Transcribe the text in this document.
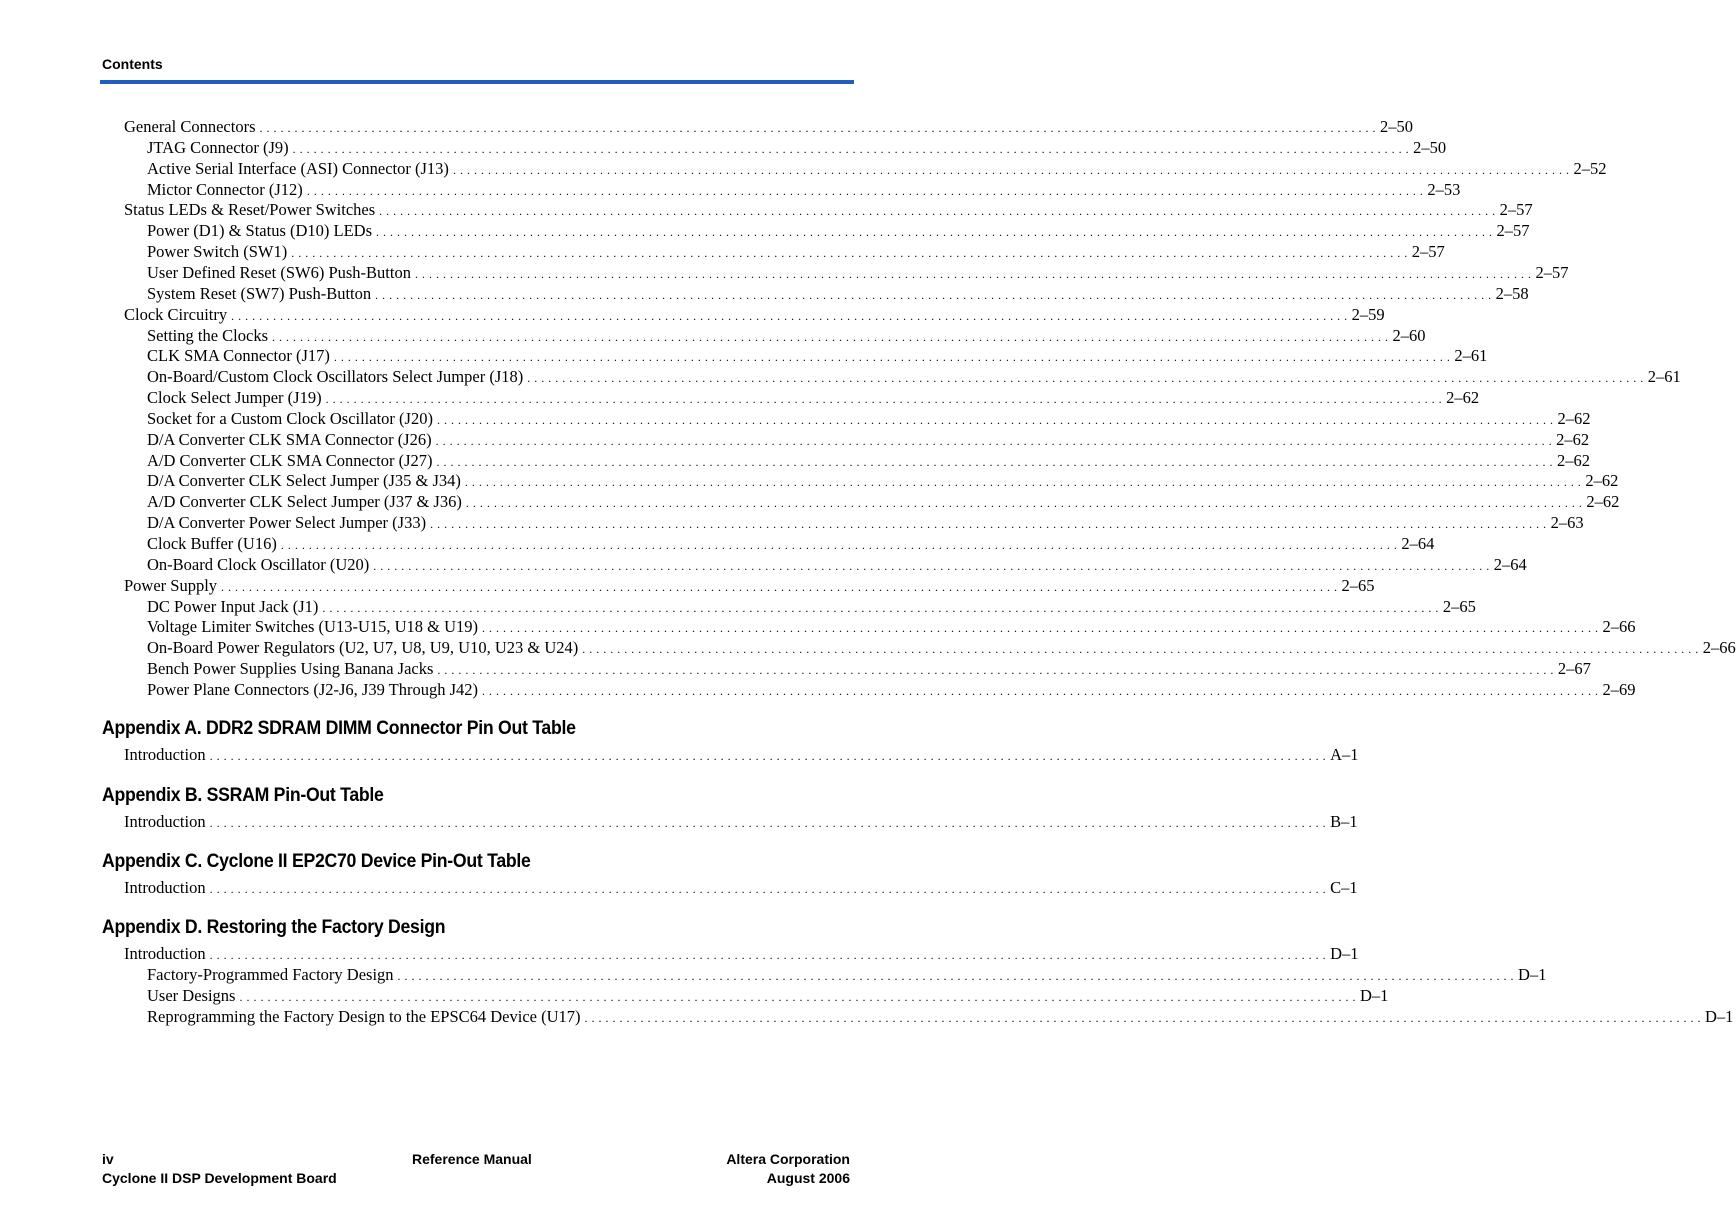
Contents
General Connectors . . . . . . . . . . . . . . . . . . . . . . . . . . . . . . . . . . . . . . . . . . . . . . . . . . . . . . . . . . . . . . . . . . . . . . . . . . . . . . . . . . . . . . . . . . . . . . . . . . . . . . . . . . . . . . . . . . . . . . . . . . . . . . . . . . . . . . . . . . . . . . . . . . . . . . . . . . . . . . . . 2–50
JTAG Connector (J9) . . . . . . . . . . . . . . . . . . . . . . . . . . . . . . . . . . . . . . . . . . . . . . . . . . . . . . . . . . . . . . . . . . . . . . . . . . . . . . . . . . . . . . . . . . . . . . . . . . . . . . . . . . . . . . . . . . . . . . . . . . . . . . . . . . . . . . . . . . . . . . . . . . . . . . . . . . . . . . . . 2–50
Active Serial Interface (ASI) Connector (J13) . . . . . . . . . . . . . . . . . . . . . . . . . . . . . . . . . . . . . . . . . . . . . . . . . . . . . . . . . . . . . . . . . . . . . . . . . . . . . . . . . . . . . . . . . . . . . . . . . . . . . . . . . . . . . . . . . . . . . . . . . . . . . . . . . . . . . . . . . . . . . . . . . . . . . . . . . . . . . . . . 2–52
Mictor Connector (J12) . . . . . . . . . . . . . . . . . . . . . . . . . . . . . . . . . . . . . . . . . . . . . . . . . . . . . . . . . . . . . . . . . . . . . . . . . . . . . . . . . . . . . . . . . . . . . . . . . . . . . . . . . . . . . . . . . . . . . . . . . . . . . . . . . . . . . . . . . . . . . . . . . . . . . . . . . . . . . . . . 2–53
Status LEDs & Reset/Power Switches . . . . . . . . . . . . . . . . . . . . . . . . . . . . . . . . . . . . . . . . . . . . . . . . . . . . . . . . . . . . . . . . . . . . . . . . . . . . . . . . . . . . . . . . . . . . . . . . . . . . . . . . . . . . . . . . . . . . . . . . . . . . . . . . . . . . . . . . . . . . . . . . . . . . . . . . . . . . . . . . 2–57
Power (D1) & Status (D10) LEDs . . . . . . . . . . . . . . . . . . . . . . . . . . . . . . . . . . . . . . . . . . . . . . . . . . . . . . . . . . . . . . . . . . . . . . . . . . . . . . . . . . . . . . . . . . . . . . . . . . . . . . . . . . . . . . . . . . . . . . . . . . . . . . . . . . . . . . . . . . . . . . . . . . . . . . . . . . . . . . . . 2–57
Power Switch (SW1) . . . . . . . . . . . . . . . . . . . . . . . . . . . . . . . . . . . . . . . . . . . . . . . . . . . . . . . . . . . . . . . . . . . . . . . . . . . . . . . . . . . . . . . . . . . . . . . . . . . . . . . . . . . . . . . . . . . . . . . . . . . . . . . . . . . . . . . . . . . . . . . . . . . . . . . . . . . . . . . . 2–57
User Defined Reset (SW6) Push-Button . . . . . . . . . . . . . . . . . . . . . . . . . . . . . . . . . . . . . . . . . . . . . . . . . . . . . . . . . . . . . . . . . . . . . . . . . . . . . . . . . . . . . . . . . . . . . . . . . . . . . . . . . . . . . . . . . . . . . . . . . . . . . . . . . . . . . . . . . . . . . . . . . . . . . . . . . . . . . . . . 2–57
System Reset (SW7) Push-Button . . . . . . . . . . . . . . . . . . . . . . . . . . . . . . . . . . . . . . . . . . . . . . . . . . . . . . . . . . . . . . . . . . . . . . . . . . . . . . . . . . . . . . . . . . . . . . . . . . . . . . . . . . . . . . . . . . . . . . . . . . . . . . . . . . . . . . . . . . . . . . . . . . . . . . . . . . . . . . . . 2–58
Clock Circuitry . . . . . . . . . . . . . . . . . . . . . . . . . . . . . . . . . . . . . . . . . . . . . . . . . . . . . . . . . . . . . . . . . . . . . . . . . . . . . . . . . . . . . . . . . . . . . . . . . . . . . . . . . . . . . . . . . . . . . . . . . . . . . . . . . . . . . . . . . . . . . . . . . . . . . . . . . . . . . . . . 2–59
Setting the Clocks . . . . . . . . . . . . . . . . . . . . . . . . . . . . . . . . . . . . . . . . . . . . . . . . . . . . . . . . . . . . . . . . . . . . . . . . . . . . . . . . . . . . . . . . . . . . . . . . . . . . . . . . . . . . . . . . . . . . . . . . . . . . . . . . . . . . . . . . . . . . . . . . . . . . . . . . . . . . . . . . 2–60
CLK SMA Connector (J17) . . . . . . . . . . . . . . . . . . . . . . . . . . . . . . . . . . . . . . . . . . . . . . . . . . . . . . . . . . . . . . . . . . . . . . . . . . . . . . . . . . . . . . . . . . . . . . . . . . . . . . . . . . . . . . . . . . . . . . . . . . . . . . . . . . . . . . . . . . . . . . . . . . . . . . . . . . . . . . . . 2–61
On-Board/Custom Clock Oscillators Select Jumper (J18) . . . . . . . . . . . . . . . . . . . . . . . . . . . . . . . . . . . . . . . . . . . . . . . . . . . . . . . . . . . . . . . . . . . . . . . . . . . . . . . . . . . . . . . . . . . . . . . . . . . . . . . . . . . . . . . . . . . . . . . . . . . . . . . . . . . . . . . . . . . . . . . . . . . . . . . . . . . . . . . . 2–61
Clock Select Jumper (J19) . . . . . . . . . . . . . . . . . . . . . . . . . . . . . . . . . . . . . . . . . . . . . . . . . . . . . . . . . . . . . . . . . . . . . . . . . . . . . . . . . . . . . . . . . . . . . . . . . . . . . . . . . . . . . . . . . . . . . . . . . . . . . . . . . . . . . . . . . . . . . . . . . . . . . . . . . . . . . . . . 2–62
Socket for a Custom Clock Oscillator (J20) . . . . . . . . . . . . . . . . . . . . . . . . . . . . . . . . . . . . . . . . . . . . . . . . . . . . . . . . . . . . . . . . . . . . . . . . . . . . . . . . . . . . . . . . . . . . . . . . . . . . . . . . . . . . . . . . . . . . . . . . . . . . . . . . . . . . . . . . . . . . . . . . . . . . . . . . . . . . . . . . 2–62
D/A Converter CLK SMA Connector (J26) . . . . . . . . . . . . . . . . . . . . . . . . . . . . . . . . . . . . . . . . . . . . . . . . . . . . . . . . . . . . . . . . . . . . . . . . . . . . . . . . . . . . . . . . . . . . . . . . . . . . . . . . . . . . . . . . . . . . . . . . . . . . . . . . . . . . . . . . . . . . . . . . . . . . . . . . . . . . . . . . 2–62
A/D Converter CLK SMA Connector (J27) . . . . . . . . . . . . . . . . . . . . . . . . . . . . . . . . . . . . . . . . . . . . . . . . . . . . . . . . . . . . . . . . . . . . . . . . . . . . . . . . . . . . . . . . . . . . . . . . . . . . . . . . . . . . . . . . . . . . . . . . . . . . . . . . . . . . . . . . . . . . . . . . . . . . . . . . . . . . . . . . 2–62
D/A Converter CLK Select Jumper (J35 & J34) . . . . . . . . . . . . . . . . . . . . . . . . . . . . . . . . . . . . . . . . . . . . . . . . . . . . . . . . . . . . . . . . . . . . . . . . . . . . . . . . . . . . . . . . . . . . . . . . . . . . . . . . . . . . . . . . . . . . . . . . . . . . . . . . . . . . . . . . . . . . . . . . . . . . . . . . . . . . . . . . 2–62
A/D Converter CLK Select Jumper (J37 & J36) . . . . . . . . . . . . . . . . . . . . . . . . . . . . . . . . . . . . . . . . . . . . . . . . . . . . . . . . . . . . . . . . . . . . . . . . . . . . . . . . . . . . . . . . . . . . . . . . . . . . . . . . . . . . . . . . . . . . . . . . . . . . . . . . . . . . . . . . . . . . . . . . . . . . . . . . . . . . . . . . 2–62
D/A Converter Power Select Jumper (J33) . . . . . . . . . . . . . . . . . . . . . . . . . . . . . . . . . . . . . . . . . . . . . . . . . . . . . . . . . . . . . . . . . . . . . . . . . . . . . . . . . . . . . . . . . . . . . . . . . . . . . . . . . . . . . . . . . . . . . . . . . . . . . . . . . . . . . . . . . . . . . . . . . . . . . . . . . . . . . . . . 2–63
Clock Buffer (U16) . . . . . . . . . . . . . . . . . . . . . . . . . . . . . . . . . . . . . . . . . . . . . . . . . . . . . . . . . . . . . . . . . . . . . . . . . . . . . . . . . . . . . . . . . . . . . . . . . . . . . . . . . . . . . . . . . . . . . . . . . . . . . . . . . . . . . . . . . . . . . . . . . . . . . . . . . . . . . . . . 2–64
On-Board Clock Oscillator (U20) . . . . . . . . . . . . . . . . . . . . . . . . . . . . . . . . . . . . . . . . . . . . . . . . . . . . . . . . . . . . . . . . . . . . . . . . . . . . . . . . . . . . . . . . . . . . . . . . . . . . . . . . . . . . . . . . . . . . . . . . . . . . . . . . . . . . . . . . . . . . . . . . . . . . . . . . . . . . . . . . 2–64
Power Supply . . . . . . . . . . . . . . . . . . . . . . . . . . . . . . . . . . . . . . . . . . . . . . . . . . . . . . . . . . . . . . . . . . . . . . . . . . . . . . . . . . . . . . . . . . . . . . . . . . . . . . . . . . . . . . . . . . . . . . . . . . . . . . . . . . . . . . . . . . . . . . . . . . . . . . . . . . . . . . . . 2–65
DC Power Input Jack (J1) . . . . . . . . . . . . . . . . . . . . . . . . . . . . . . . . . . . . . . . . . . . . . . . . . . . . . . . . . . . . . . . . . . . . . . . . . . . . . . . . . . . . . . . . . . . . . . . . . . . . . . . . . . . . . . . . . . . . . . . . . . . . . . . . . . . . . . . . . . . . . . . . . . . . . . . . . . . . . . . . 2–65
Voltage Limiter Switches (U13-U15, U18 & U19) . . . . . . . . . . . . . . . . . . . . . . . . . . . . . . . . . . . . . . . . . . . . . . . . . . . . . . . . . . . . . . . . . . . . . . . . . . . . . . . . . . . . . . . . . . . . . . . . . . . . . . . . . . . . . . . . . . . . . . . . . . . . . . . . . . . . . . . . . . . . . . . . . . . . . . . . . . . . . . . . 2–66
On-Board Power Regulators (U2, U7, U8, U9, U10, U23 & U24) . . . . . . . . . . . . . . . . . . . . . . . . . . . . . . . . . . . . . . . . . . . . . . . . . . . . . . . . . . . . . . . . . . . . . . . . . . . . . . . . . . . . . . . . . . . . . . . . . . . . . . . . . . . . . . . . . . . . . . . . . . . . . . . . . . . . . . . . . . . . . . . . . . . . . . . . . . . . . . . . 2–66
Bench Power Supplies Using Banana Jacks . . . . . . . . . . . . . . . . . . . . . . . . . . . . . . . . . . . . . . . . . . . . . . . . . . . . . . . . . . . . . . . . . . . . . . . . . . . . . . . . . . . . . . . . . . . . . . . . . . . . . . . . . . . . . . . . . . . . . . . . . . . . . . . . . . . . . . . . . . . . . . . . . . . . . . . . . . . . . . . . 2–67
Power Plane Connectors (J2-J6, J39 Through J42) . . . . . . . . . . . . . . . . . . . . . . . . . . . . . . . . . . . . . . . . . . . . . . . . . . . . . . . . . . . . . . . . . . . . . . . . . . . . . . . . . . . . . . . . . . . . . . . . . . . . . . . . . . . . . . . . . . . . . . . . . . . . . . . . . . . . . . . . . . . . . . . . . . . . . . . . . . . . . . . . 2–69
Appendix A. DDR2 SDRAM DIMM Connector Pin Out Table
Introduction . . . . . . . . . . . . . . . . . . . . . . . . . . . . . . . . . . . . . . . . . . . . . . . . . . . . . . . . . . . . . . . . . . . . . . . . . . . . . . . . . . . . . . . . . . . . . . . . . . . . . . . . . . . . . . . . . . . . . . . . . . . . . . . . . . . . . . . . . . . . . . . . . . . . . . . . . . . . . . . . A–1
Appendix B. SSRAM Pin-Out Table
Introduction . . . . . . . . . . . . . . . . . . . . . . . . . . . . . . . . . . . . . . . . . . . . . . . . . . . . . . . . . . . . . . . . . . . . . . . . . . . . . . . . . . . . . . . . . . . . . . . . . . . . . . . . . . . . . . . . . . . . . . . . . . . . . . . . . . . . . . . . . . . . . . . . . . . . . . . . . . . . . . . . B–1
Appendix C. Cyclone II EP2C70 Device Pin-Out Table
Introduction . . . . . . . . . . . . . . . . . . . . . . . . . . . . . . . . . . . . . . . . . . . . . . . . . . . . . . . . . . . . . . . . . . . . . . . . . . . . . . . . . . . . . . . . . . . . . . . . . . . . . . . . . . . . . . . . . . . . . . . . . . . . . . . . . . . . . . . . . . . . . . . . . . . . . . . . . . . . . . . . C–1
Appendix D. Restoring the Factory Design
Introduction . . . . . . . . . . . . . . . . . . . . . . . . . . . . . . . . . . . . . . . . . . . . . . . . . . . . . . . . . . . . . . . . . . . . . . . . . . . . . . . . . . . . . . . . . . . . . . . . . . . . . . . . . . . . . . . . . . . . . . . . . . . . . . . . . . . . . . . . . . . . . . . . . . . . . . . . . . . . . . . . D–1
Factory-Programmed Factory Design . . . . . . . . . . . . . . . . . . . . . . . . . . . . . . . . . . . . . . . . . . . . . . . . . . . . . . . . . . . . . . . . . . . . . . . . . . . . . . . . . . . . . . . . . . . . . . . . . . . . . . . . . . . . . . . . . . . . . . . . . . . . . . . . . . . . . . . . . . . . . . . . . . . . . . . . . . . . . . . . D–1
User Designs . . . . . . . . . . . . . . . . . . . . . . . . . . . . . . . . . . . . . . . . . . . . . . . . . . . . . . . . . . . . . . . . . . . . . . . . . . . . . . . . . . . . . . . . . . . . . . . . . . . . . . . . . . . . . . . . . . . . . . . . . . . . . . . . . . . . . . . . . . . . . . . . . . . . . . . . . . . . . . . . D–1
Reprogramming the Factory Design to the EPSC64 Device (U17) . . . . . . . . . . . . . . . . . . . . . . . . . . . . . . . . . . . . . . . . . . . . . . . . . . . . . . . . . . . . . . . . . . . . . . . . . . . . . . . . . . . . . . . . . . . . . . . . . . . . . . . . . . . . . . . . . . . . . . . . . . . . . . . . . . . . . . . . . . . . . . . . . . . . . . . . . . . . . . . . D–1
iv	Reference Manual	Altera Corporation
Cyclone II DSP Development Board	August 2006
